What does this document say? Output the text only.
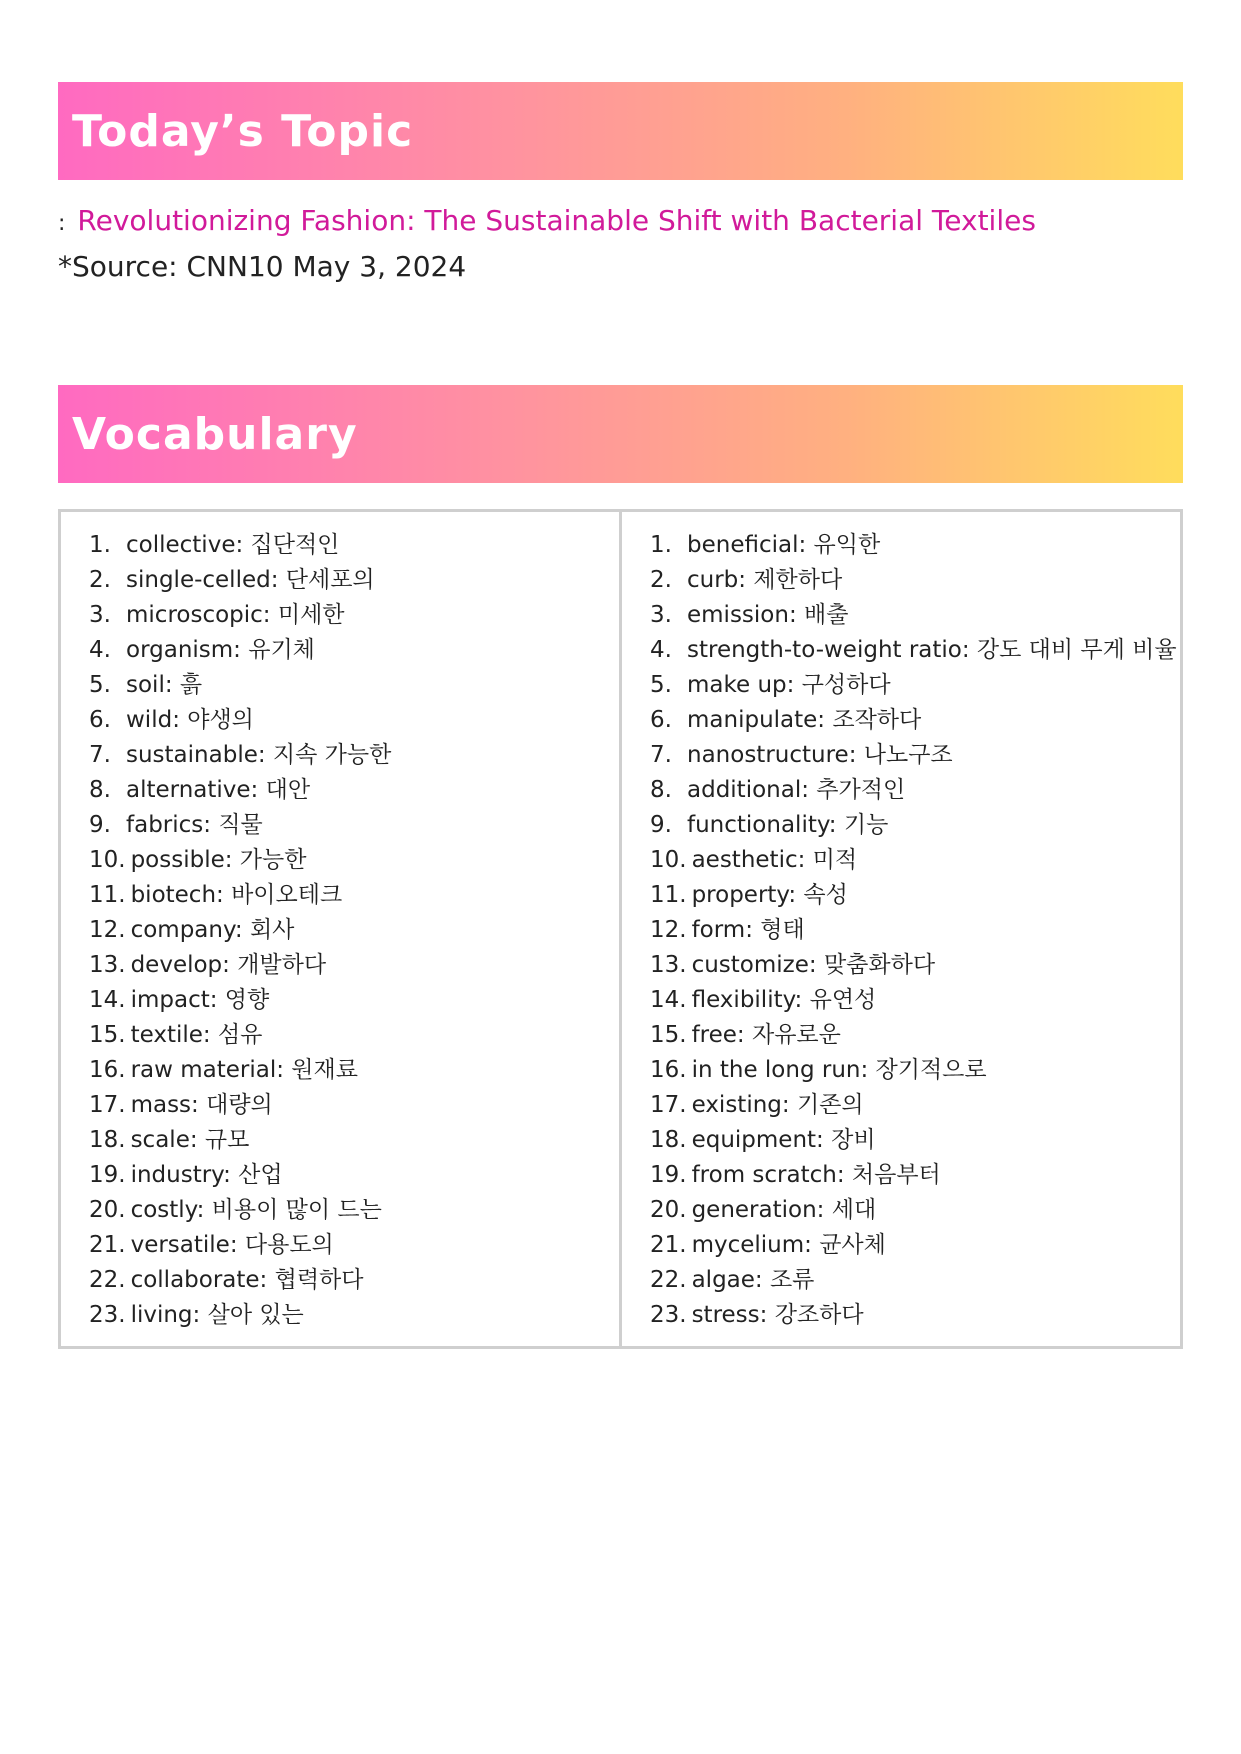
Today’s Topic
: Revolutionizing Fashion: The Sustainable Shift with Bacterial Textiles
*Source: CNN10 May 3, 2024
Vocabulary
1. collective: 집단적인
2. single-celled: 단세포의
3. microscopic: 미세한
4. organism: 유기체
5. soil: 흙
6. wild: 야생의
7. sustainable: 지속 가능한
8. alternative: 대안
9. fabrics: 직물
10. possible: 가능한
11. biotech: 바이오테크
12. company: 회사
13. develop: 개발하다
14. impact: 영향
15. textile: 섬유
16. raw material: 원재료
17. mass: 대량의
18. scale: 규모
19. industry: 산업
20. costly: 비용이 많이 드는
21. versatile: 다용도의
22. collaborate: 협력하다
23. living: 살아 있는
1. beneficial: 유익한
2. curb: 제한하다
3. emission: 배출
4. strength-to-weight ratio: 강도 대비 무게 비율
5. make up: 구성하다
6. manipulate: 조작하다
7. nanostructure: 나노구조
8. additional: 추가적인
9. functionality: 기능
10. aesthetic: 미적
11. property: 속성
12. form: 형태
13. customize: 맞춤화하다
14. flexibility: 유연성
15. free: 자유로운
16. in the long run: 장기적으로
17. existing: 기존의
18. equipment: 장비
19. from scratch: 처음부터
20. generation: 세대
21. mycelium: 균사체
22. algae: 조류
23. stress: 강조하다
